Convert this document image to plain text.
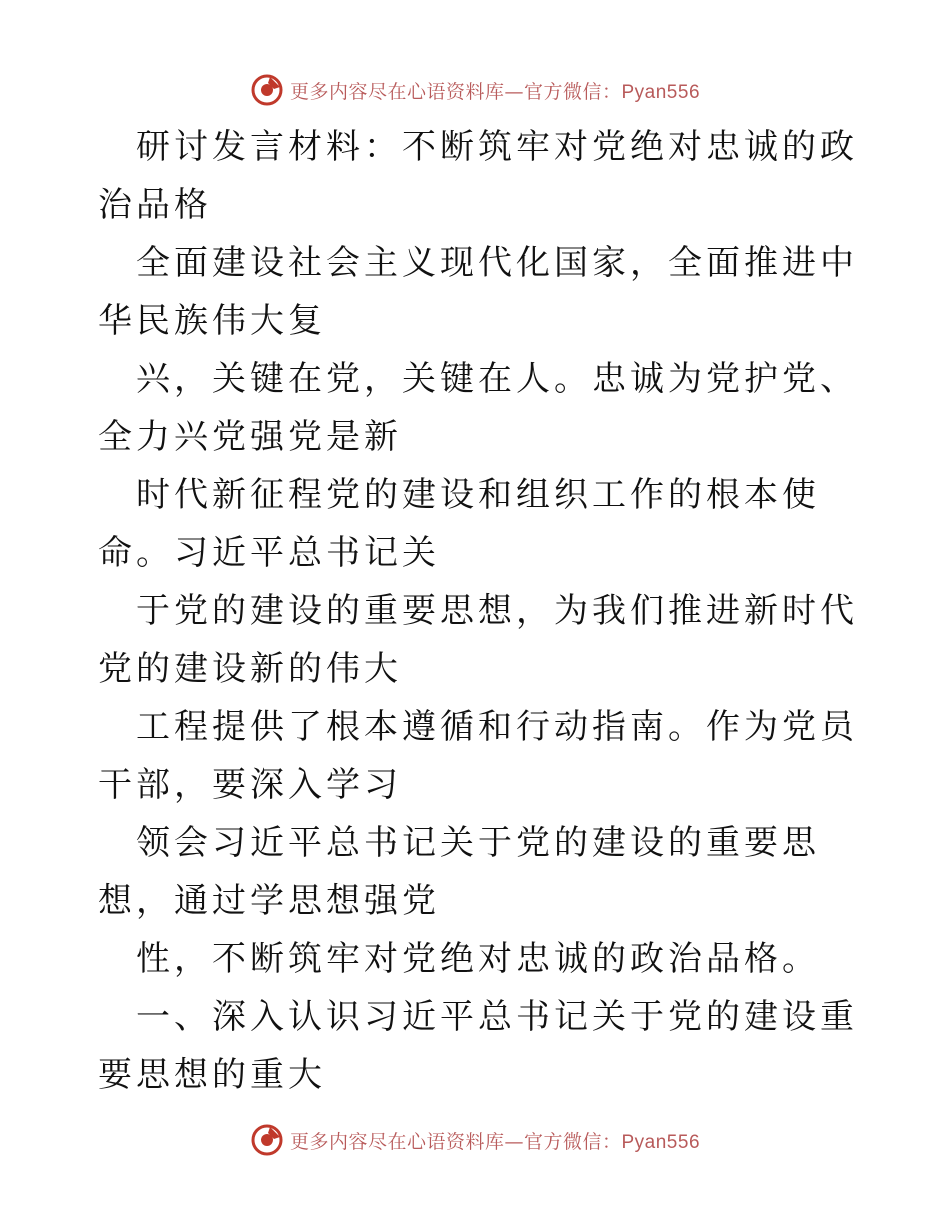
更多内容尽在心语资料库—官方微信：Pyan556

研讨发言材料：不断筑牢对党绝对忠诚的政治品格

全面建设社会主义现代化国家，全面推进中华民族伟大复

兴，关键在党，关键在人。忠诚为党护党、全力兴党强党是新

时代新征程党的建设和组织工作的根本使命。习近平总书记关

于党的建设的重要思想，为我们推进新时代党的建设新的伟大

工程提供了根本遵循和行动指南。作为党员干部，要深入学习

领会习近平总书记关于党的建设的重要思想，通过学思想强党

性，不断筑牢对党绝对忠诚的政治品格。

一、深入认识习近平总书记关于党的建设重要思想的重大

更多内容尽在心语资料库—官方微信：Pyan556
